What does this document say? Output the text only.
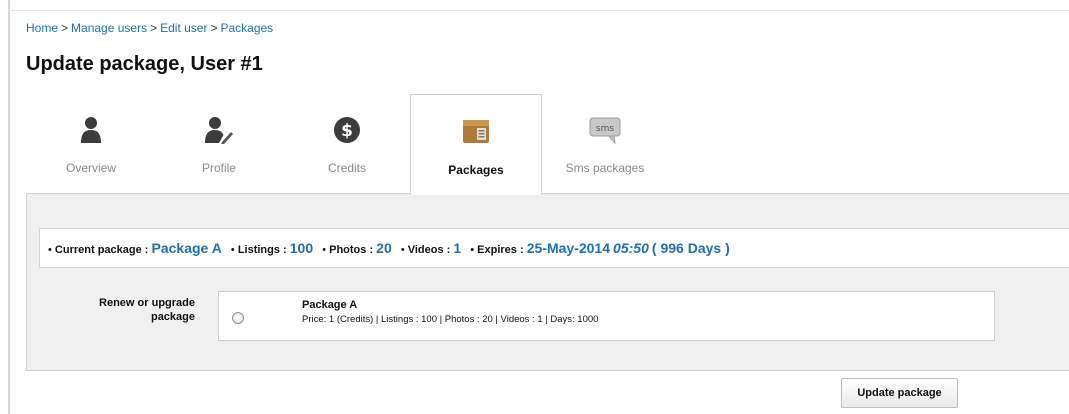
Home > Manage users > Edit user > Packages
Update package, User #1
Overview	Profile
$
Credits	Packages
sms
Sms packages
• Current package : Package A • Listings : 100 • Photos : 20 • Videos : 1 • Expires : 25-May-2014 05:50 ( 996 Days )
Renew or upgrade
package
Package A
Price: 1 (Credits) | Listings : 100 | Photos : 20 | Videos : 1 | Days: 1000
Update package
